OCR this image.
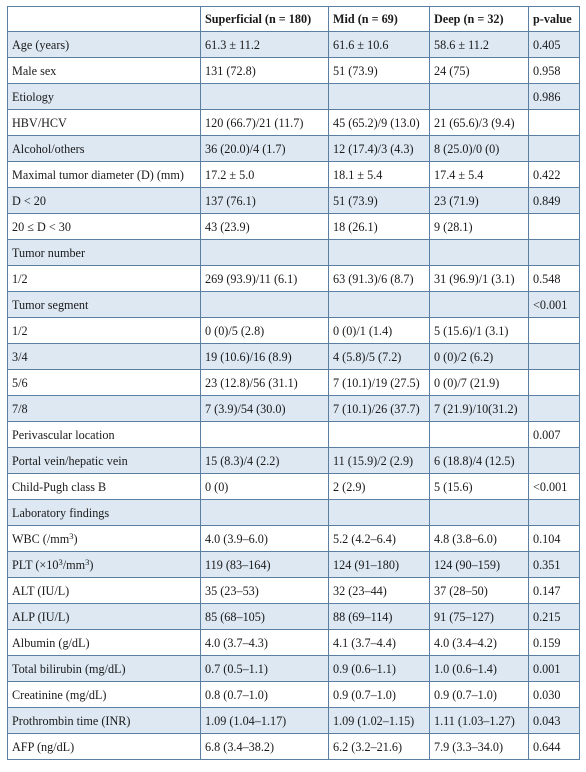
	Superficial (n = 180)	Mid (n = 69)	Deep (n = 32)	p-value
Age (years)	61.3 ± 11.2	61.6 ± 10.6	58.6 ± 11.2	0.405
Male sex	131 (72.8)	51 (73.9)	24 (75)	0.958
Etiology				0.986
HBV/HCV	120 (66.7)/21 (11.7)	45 (65.2)/9 (13.0)	21 (65.6)/3 (9.4)	
Alcohol/others	36 (20.0)/4 (1.7)	12 (17.4)/3 (4.3)	8 (25.0)/0 (0)	
Maximal tumor diameter (D) (mm)	17.2 ± 5.0	18.1 ± 5.4	17.4 ± 5.4	0.422
D < 20	137 (76.1)	51 (73.9)	23 (71.9)	0.849
20 ≤ D < 30	43 (23.9)	18 (26.1)	9 (28.1)	
Tumor number				
1/2	269 (93.9)/11 (6.1)	63 (91.3)/6 (8.7)	31 (96.9)/1 (3.1)	0.548
Tumor segment				<0.001
1/2	0 (0)/5 (2.8)	0 (0)/1 (1.4)	5 (15.6)/1 (3.1)	
3/4	19 (10.6)/16 (8.9)	4 (5.8)/5 (7.2)	0 (0)/2 (6.2)	
5/6	23 (12.8)/56 (31.1)	7 (10.1)/19 (27.5)	0 (0)/7 (21.9)	
7/8	7 (3.9)/54 (30.0)	7 (10.1)/26 (37.7)	7 (21.9)/10(31.2)	
Perivascular location				0.007
Portal vein/hepatic vein	15 (8.3)/4 (2.2)	11 (15.9)/2 (2.9)	6 (18.8)/4 (12.5)	
Child-Pugh class B	0 (0)	2 (2.9)	5 (15.6)	<0.001
Laboratory findings				
WBC $(/mm^3)$	4.0 (3.9–6.0)	5.2 (4.2–6.4)	4.8 (3.8–6.0)	0.104
PLT $(\times 10^3/mm^3)$	119 (83–164)	124 (91–180)	124 (90–159)	0.351
ALT (IU/L)	35 (23–53)	32 (23–44)	37 (28–50)	0.147
ALP (IU/L)	85 (68–105)	88 (69–114)	91 (75–127)	0.215
Albumin (g/dL)	4.0 (3.7–4.3)	4.1 (3.7–4.4)	4.0 (3.4–4.2)	0.159
Total bilirubin (mg/dL)	0.7 (0.5–1.1)	0.9 (0.6–1.1)	1.0 (0.6–1.4)	0.001
Creatinine (mg/dL)	0.8 (0.7–1.0)	0.9 (0.7–1.0)	0.9 (0.7–1.0)	0.030
Prothrombin time (INR)	1.09 (1.04–1.17)	1.09 (1.02–1.15)	1.11 (1.03–1.27)	0.043
AFP (ng/dL)	6.8 (3.4–38.2)	6.2 (3.2–21.6)	7.9 (3.3–34.0)	0.644
